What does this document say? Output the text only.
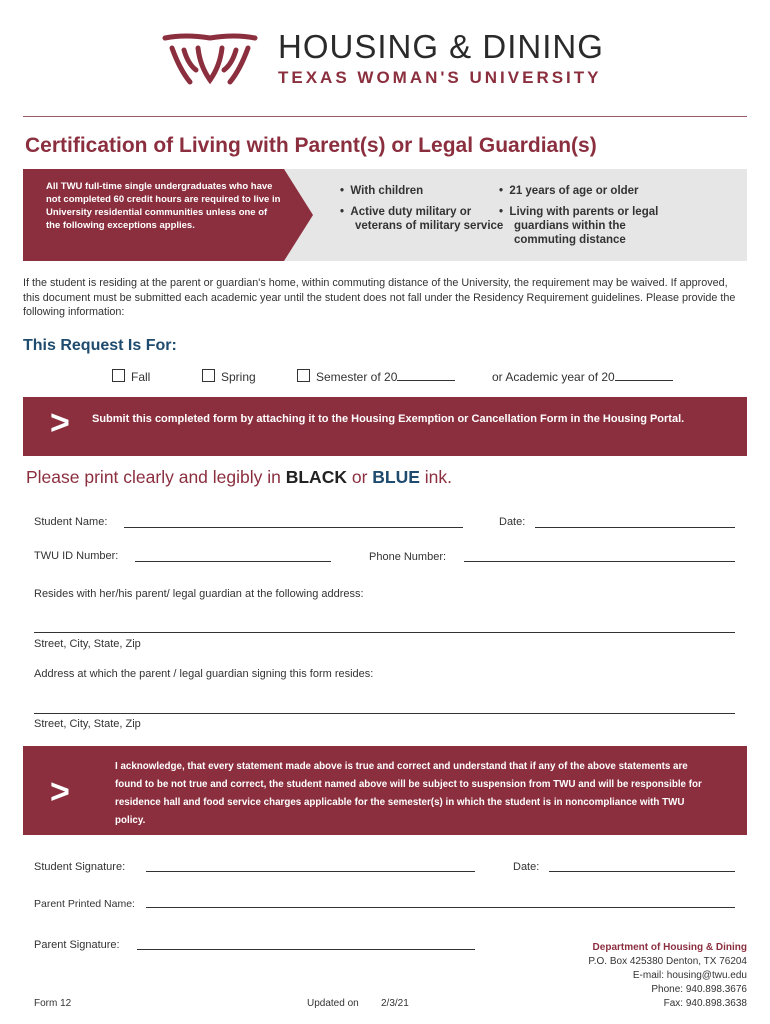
HOUSING & DINING
TEXAS WOMAN'S UNIVERSITY
Certification of Living with Parent(s) or Legal Guardian(s)
All TWU full-time single undergraduates who have not completed 60 credit hours are required to live in University residential communities unless one of the following exceptions applies.
•  With children
•  Active duty military or veterans of military service
•  21 years of age or older
•  Living with parents or legal guardians within the commuting distance
If the student is residing at the parent or guardian's home, within commuting distance of the University, the requirement may be waived. If approved, this document must be submitted each academic year until the student does not fall under the Residency Requirement guidelines. Please provide the following information:
This Request Is For:
Fall	Spring	Semester of 20	or Academic year of 20
> Submit this completed form by attaching it to the Housing Exemption or Cancellation Form in the Housing Portal.
Please print clearly and legibly in BLACK or BLUE ink.
Student Name:	Date:
TWU ID Number:	Phone Number:
Resides with her/his parent/ legal guardian at the following address:
Street, City, State, Zip
Address at which the parent / legal guardian signing this form resides:
Street, City, State, Zip
>
I acknowledge, that every statement made above is true and correct and understand that if any of the above statements are found to be not true and correct, the student named above will be subject to suspension from TWU and will be responsible for residence hall and food service charges applicable for the semester(s) in which the student is in noncompliance with TWU policy.
Student Signature:	Date:
Parent Printed Name:
Parent Signature:	Department of Housing & Dining
P.O. Box 425380 Denton, TX 76204
E-mail: housing@twu.edu
Phone: 940.898.3676
Fax: 940.898.3638
Form 12	Updated on 2/3/21
